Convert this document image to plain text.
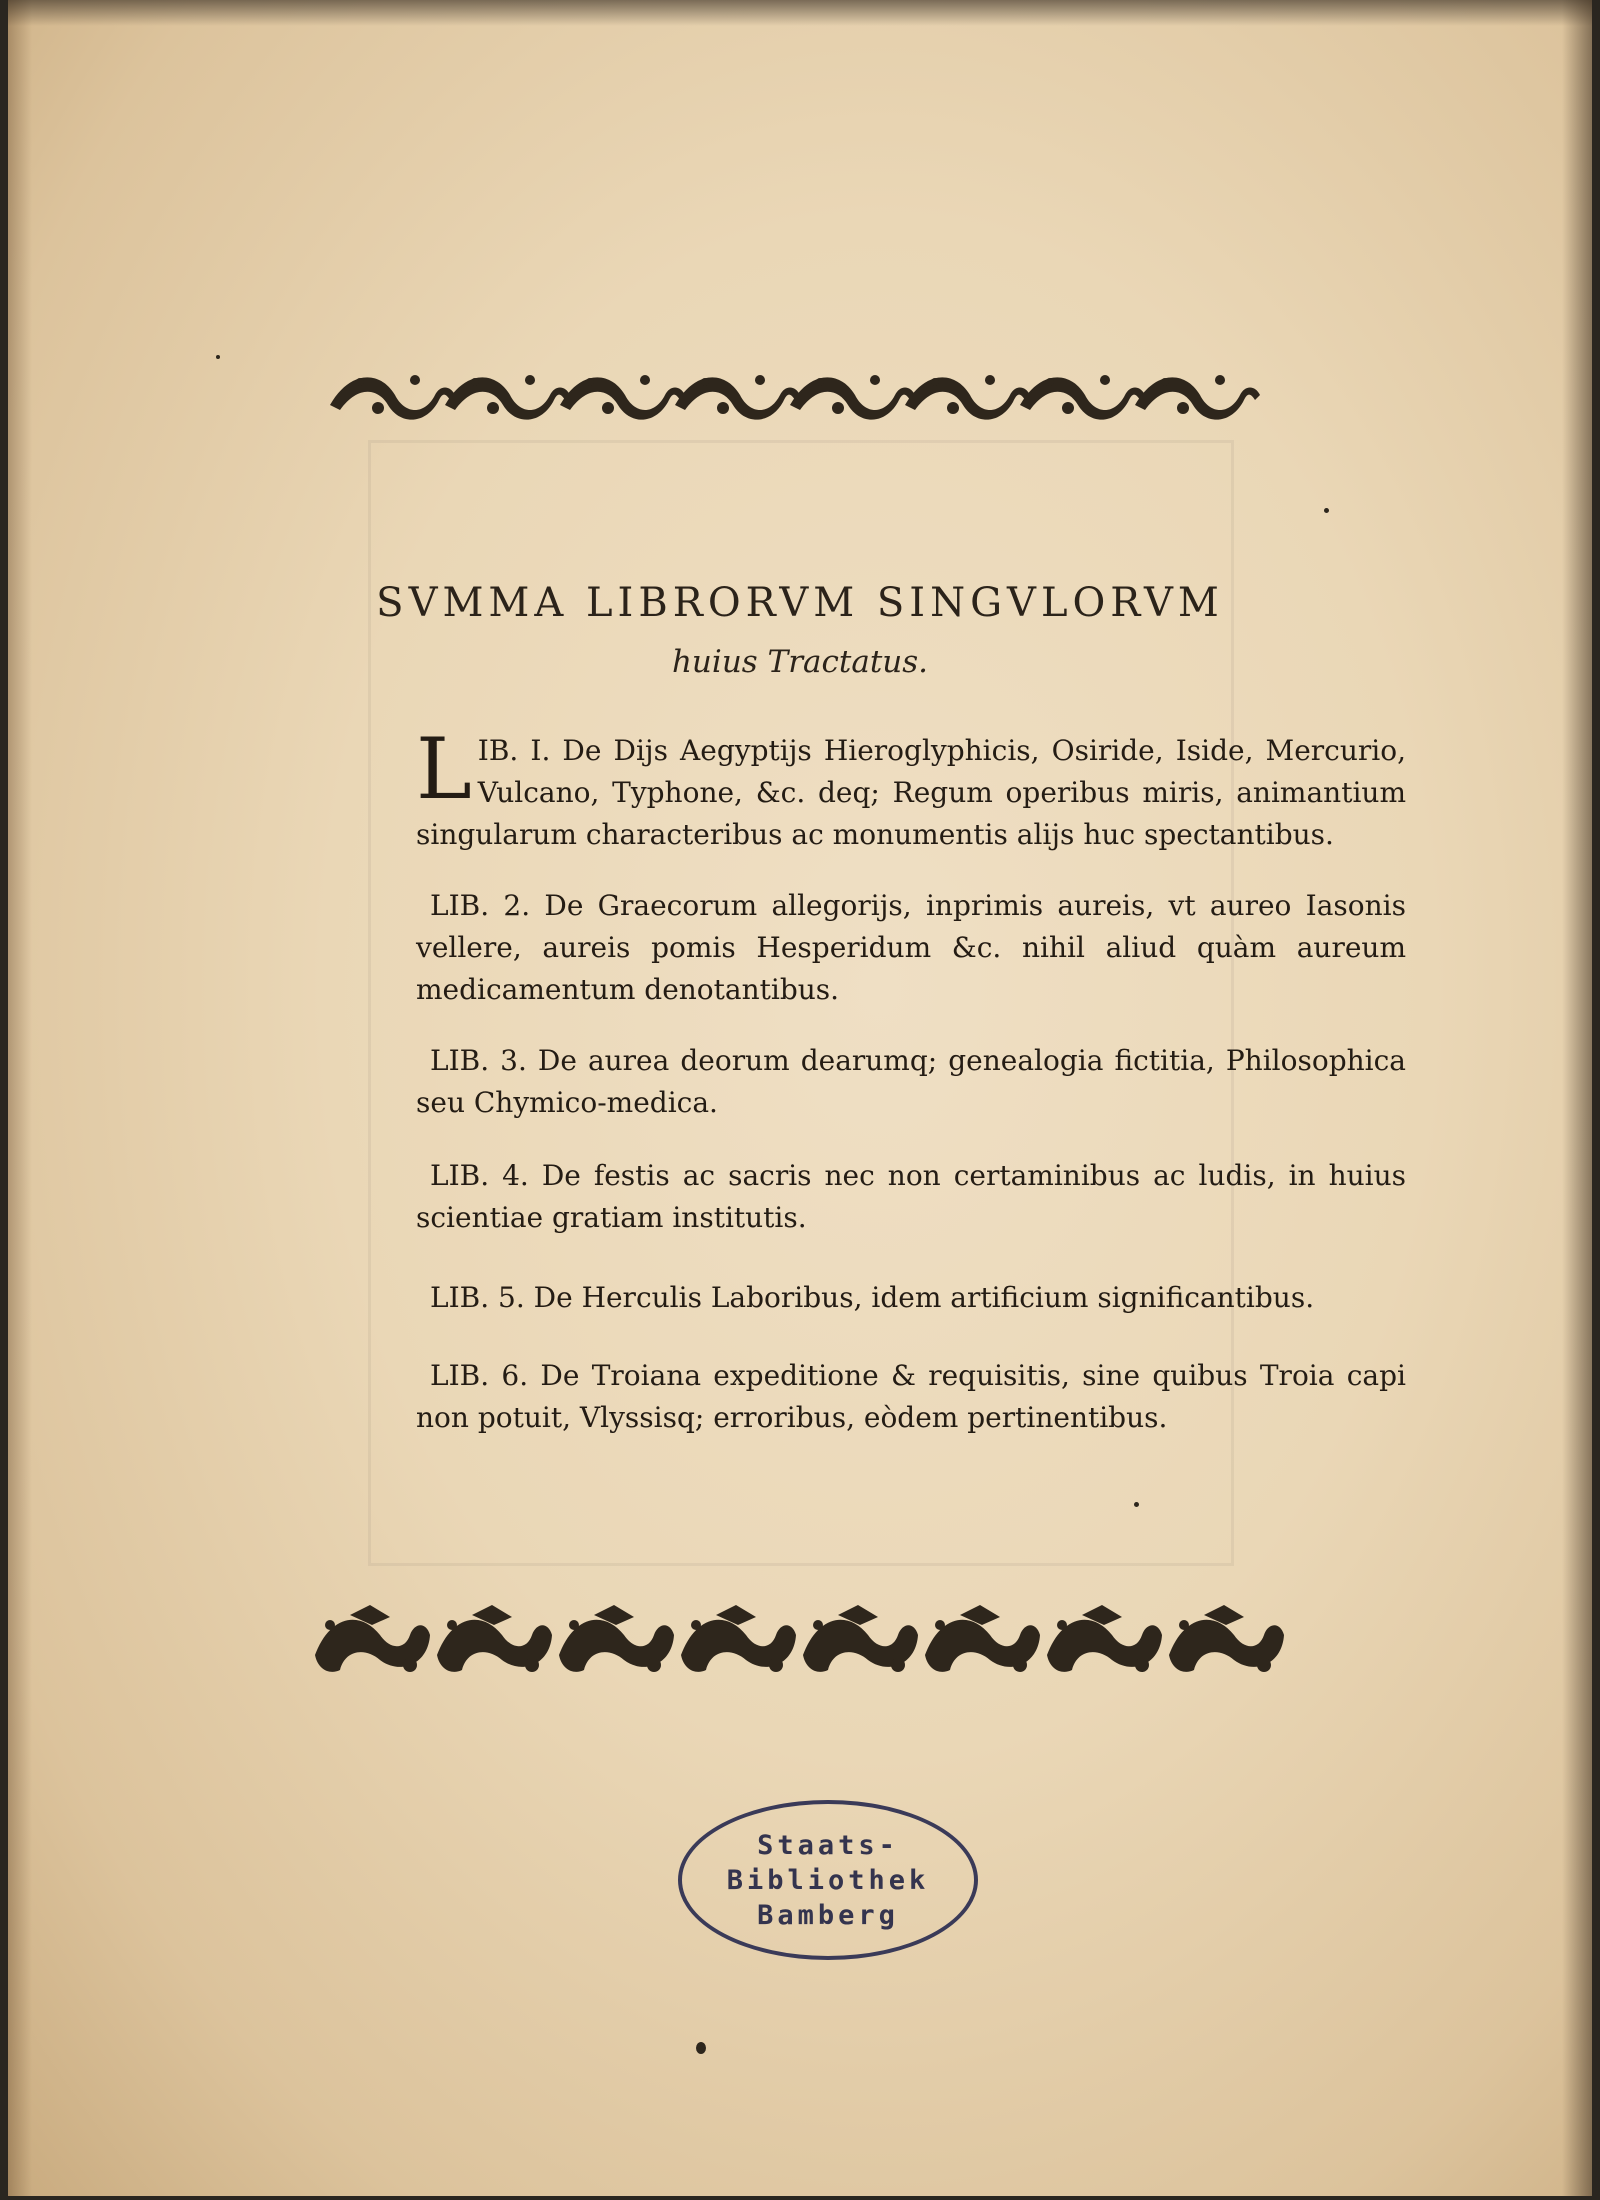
SVMMA LIBRORVM SINGVLORVM
huius Tractatus.

LIB. I. De Dijs Aegyptijs Hieroglyphicis, Osiride, Iside, Mercurio, Vulcano, Typhone, &c. deq; Regum operibus miris, animantium singularum characteribus ac monumentis alijs huc spectantibus.

LIB. 2. De Graecorum allegorijs, inprimis aureis, vt aureo Iasonis vellere, aureis pomis Hesperidum &c. nihil aliud quàm aureum medicamentum denotantibus.

LIB. 3. De aurea deorum dearumq; genealogia fictitia, Philosophica seu Chymico-medica.

LIB. 4. De festis ac sacris nec non certaminibus ac ludis, in huius scientiae gratiam institutis.

LIB. 5. De Herculis Laboribus, idem artificium significantibus.

LIB. 6. De Troiana expeditione & requisitis, sine quibus Troia capi non potuit, Vlyssisq; erroribus, eòdem pertinentibus.

Staats-
Bibliothek
Bamberg
